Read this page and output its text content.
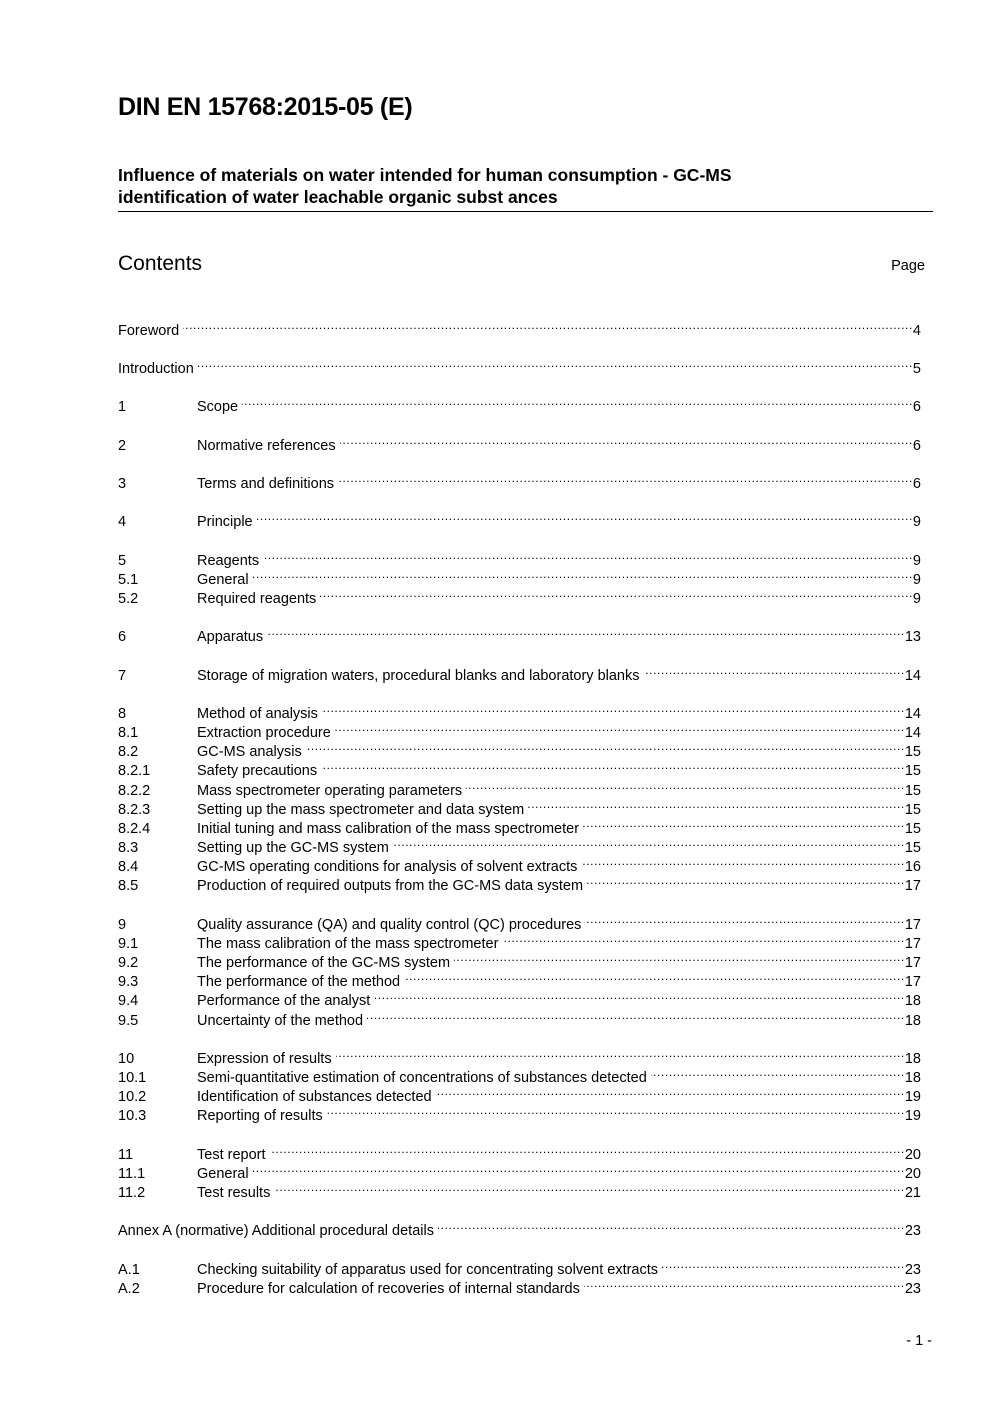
DIN EN 15768:2015-05 (E)
Influence of materials on water intended for human consumption - GC-MS
identification of water leachable organic subst ances
Contents	Page
Foreword .....	4
Introduction .....	5
1	Scope .....	6
2	Normative references .....	6
3	Terms and definitions .....	6
4	Principle .....	9
5	Reagents .....	9
5.1	General .....	9
5.2	Required reagents .....	9
6	Apparatus .....	13
7	Storage of migration waters, procedural blanks and laboratory blanks .....	14
8	Method of analysis .....	14
8.1	Extraction procedure .....	14
8.2	GC-MS analysis .....	15
8.2.1	Safety precautions .....	15
8.2.2	Mass spectrometer operating parameters .....	15
8.2.3	Setting up the mass spectrometer and data system .....	15
8.2.4	Initial tuning and mass calibration of the mass spectrometer .....	15
8.3	Setting up the GC-MS system .....	15
8.4	GC-MS operating conditions for analysis of solvent extracts .....	16
8.5	Production of required outputs from the GC-MS data system .....	17
9	Quality assurance (QA) and quality control (QC) procedures .....	17
9.1	The mass calibration of the mass spectrometer .....	17
9.2	The performance of the GC-MS system .....	17
9.3	The performance of the method .....	17
9.4	Performance of the analyst .....	18
9.5	Uncertainty of the method .....	18
10	Expression of results .....	18
10.1	Semi-quantitative estimation of concentrations of substances detected .....	18
10.2	Identification of substances detected .....	19
10.3	Reporting of results .....	19
11	Test report .....	20
11.1	General .....	20
11.2	Test results .....	21
Annex A (normative) Additional procedural details .....	23
A.1	Checking suitability of apparatus used for concentrating solvent extracts .....	23
A.2	Procedure for calculation of recoveries of internal standards .....	23
- 1 -
